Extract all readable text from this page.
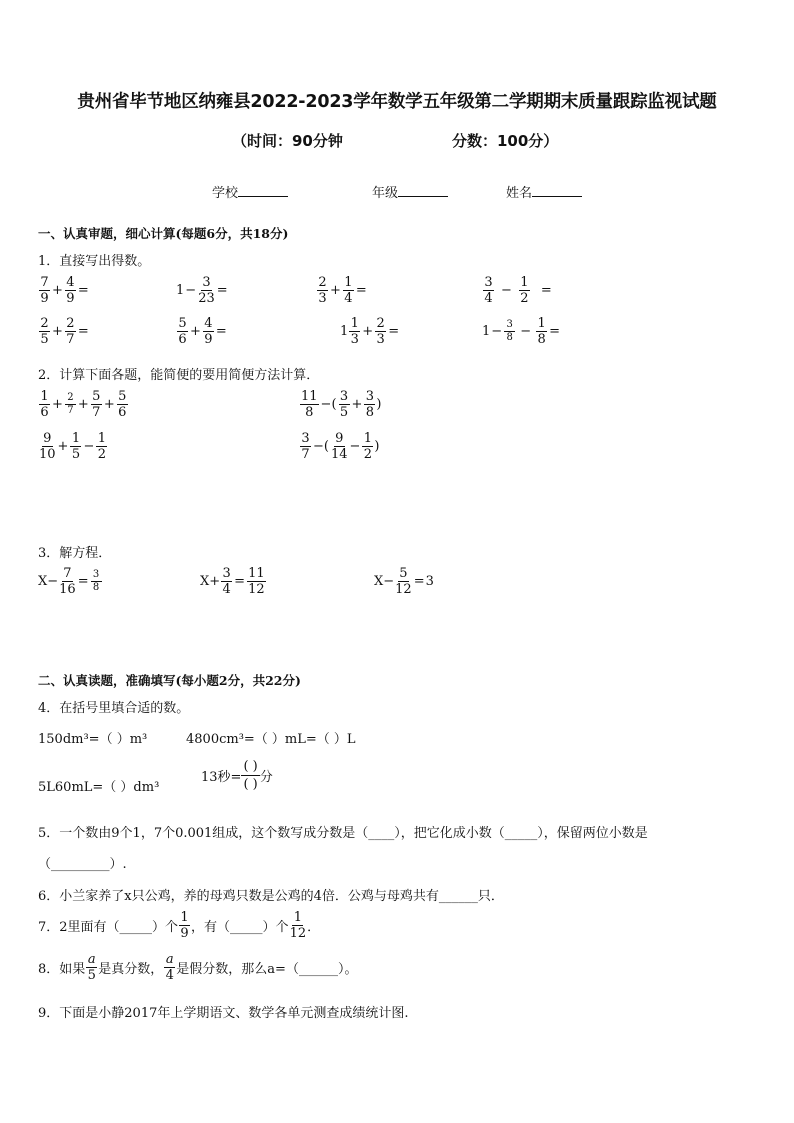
贵州省毕节地区纳雍县2022-2023学年数学五年级第二学期期末质量跟踪监视试题
（时间：90分钟	分数：100分）
学校	年级	姓名
一、认真审题，细心计算(每题6分，共18分)
1．直接写出得数。
$\frac{7}{9} + \frac{4}{9}$ =	$1 - \frac{3}{23}$ =	$\frac{2}{3} + \frac{1}{4}$ =	$\frac{3}{4} - \frac{1}{2}$ =
$\frac{2}{5} + \frac{2}{7}$ =	$\frac{5}{6} + \frac{4}{9}$ =	$1 \frac{1}{3} + \frac{2}{3}$ =	$1 - \frac{3}{8} - \frac{1}{8}$ =
2．计算下面各题，能简便的要用简便方法计算．
$\frac{1}{6} + \frac{2}{7} + \frac{5}{7} + \frac{5}{6}$	$\frac{11}{8}$ −( $\frac{3}{5} + \frac{3}{8}$ )
$\frac{9}{10} + \frac{1}{5} - \frac{1}{2}$	$\frac{3}{7}$ −( $\frac{9}{14} - \frac{1}{2}$ )
3．解方程．
$X- \frac{7}{16} = \frac{3}{8}$	$X+ \frac{3}{4} = \frac{11}{12}$	$X- \frac{5}{12} = 3$
二、认真读题，准确填写(每小题2分，共22分)
4．在括号里填合适的数。
150dm³=（ ）m³	4800cm³=（ ）mL=（ ）L
5L60mL=（ ）dm³
13秒= $\frac{( )}{( )}$ 分
5．一个数由9个1，7个0.001组成，这个数写成分数是（____），把它化成小数（_____），保留两位小数是
（_________）.
6．小兰家养了x只公鸡，养的母鸡只数是公鸡的4倍．公鸡与母鸡共有______只．
7．2里面有（_____）个 $\frac{1}{9}$ ，有（_____）个 $\frac{1}{12}$ ．
8．如果 $\frac{a}{5}$ 是真分数， $\frac{a}{4}$ 是假分数，那么a=（______）。
9．下面是小静2017年上学期语文、数学各单元测查成绩统计图.
